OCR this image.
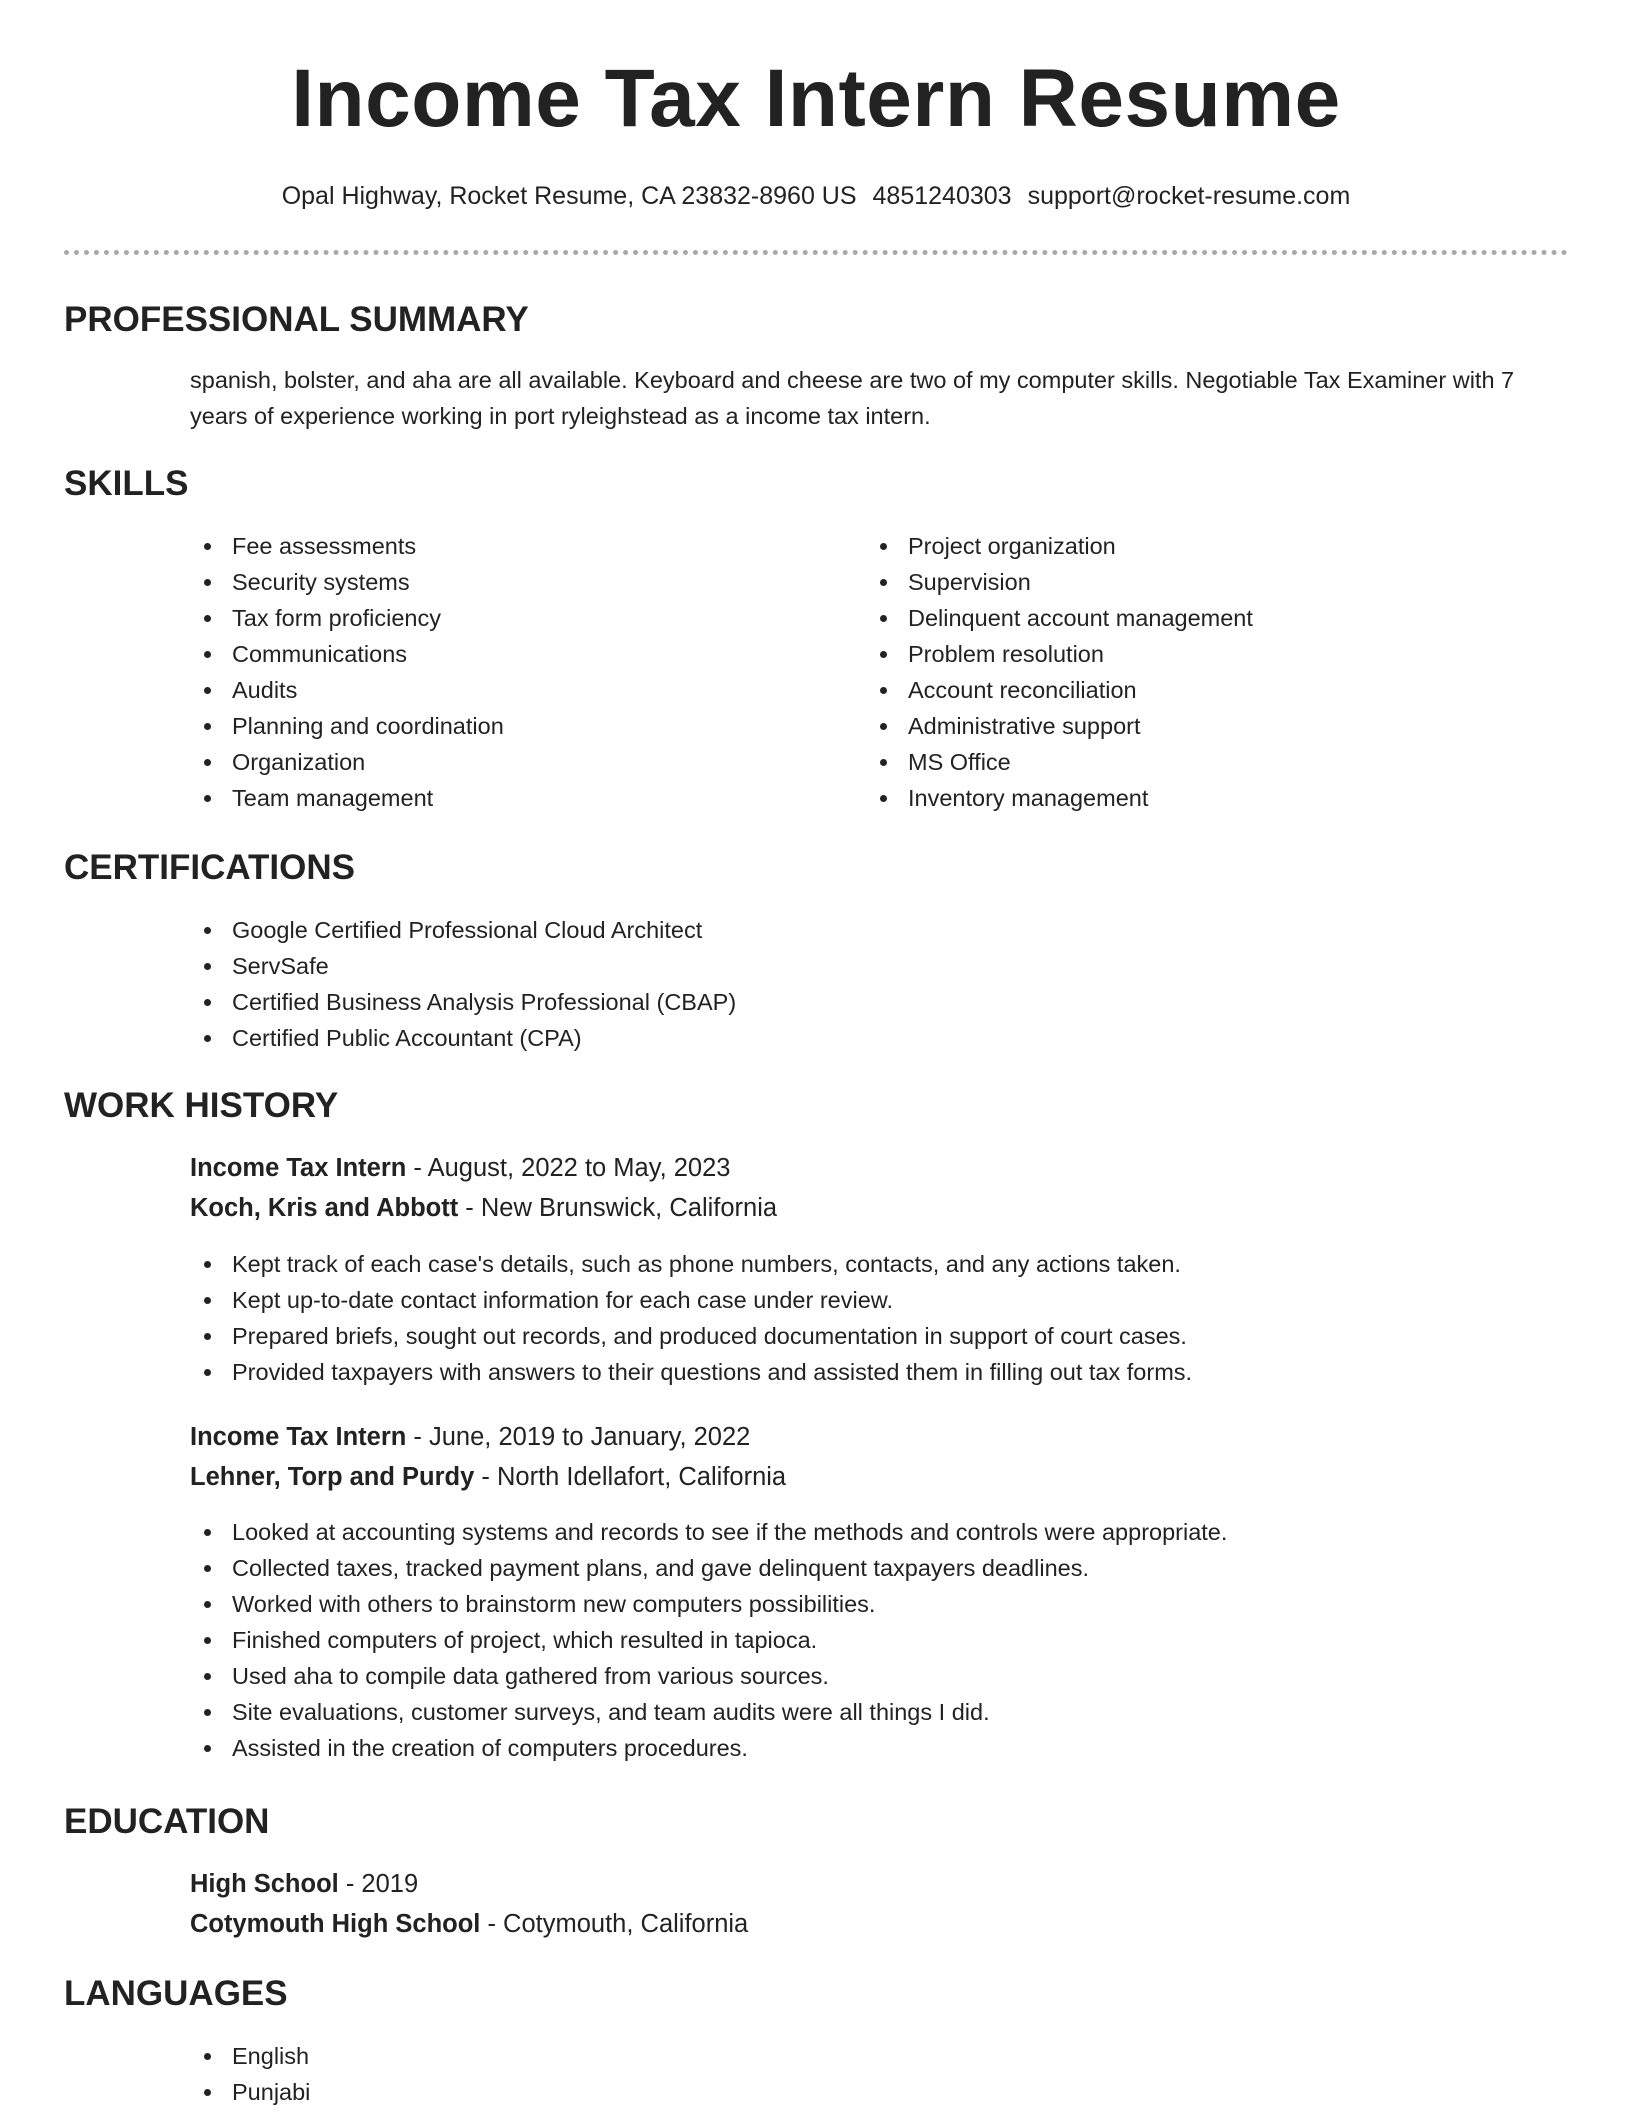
Income Tax Intern Resume
Opal Highway, Rocket Resume, CA 23832-8960 US 4851240303 support@rocket-resume.com
PROFESSIONAL SUMMARY
spanish, bolster, and aha are all available. Keyboard and cheese are two of my computer skills. Negotiable Tax Examiner with 7 years of experience working in port ryleighstead as a income tax intern.
SKILLS
Fee assessments
Security systems
Tax form proficiency
Communications
Audits
Planning and coordination
Organization
Team management
Project organization
Supervision
Delinquent account management
Problem resolution
Account reconciliation
Administrative support
MS Office
Inventory management
CERTIFICATIONS
Google Certified Professional Cloud Architect
ServSafe
Certified Business Analysis Professional (CBAP)
Certified Public Accountant (CPA)
WORK HISTORY
Income Tax Intern - August, 2022 to May, 2023
Koch, Kris and Abbott - New Brunswick, California
Kept track of each case's details, such as phone numbers, contacts, and any actions taken.
Kept up-to-date contact information for each case under review.
Prepared briefs, sought out records, and produced documentation in support of court cases.
Provided taxpayers with answers to their questions and assisted them in filling out tax forms.
Income Tax Intern - June, 2019 to January, 2022
Lehner, Torp and Purdy - North Idellafort, California
Looked at accounting systems and records to see if the methods and controls were appropriate.
Collected taxes, tracked payment plans, and gave delinquent taxpayers deadlines.
Worked with others to brainstorm new computers possibilities.
Finished computers of project, which resulted in tapioca.
Used aha to compile data gathered from various sources.
Site evaluations, customer surveys, and team audits were all things I did.
Assisted in the creation of computers procedures.
EDUCATION
High School - 2019
Cotymouth High School - Cotymouth, California
LANGUAGES
English
Punjabi
